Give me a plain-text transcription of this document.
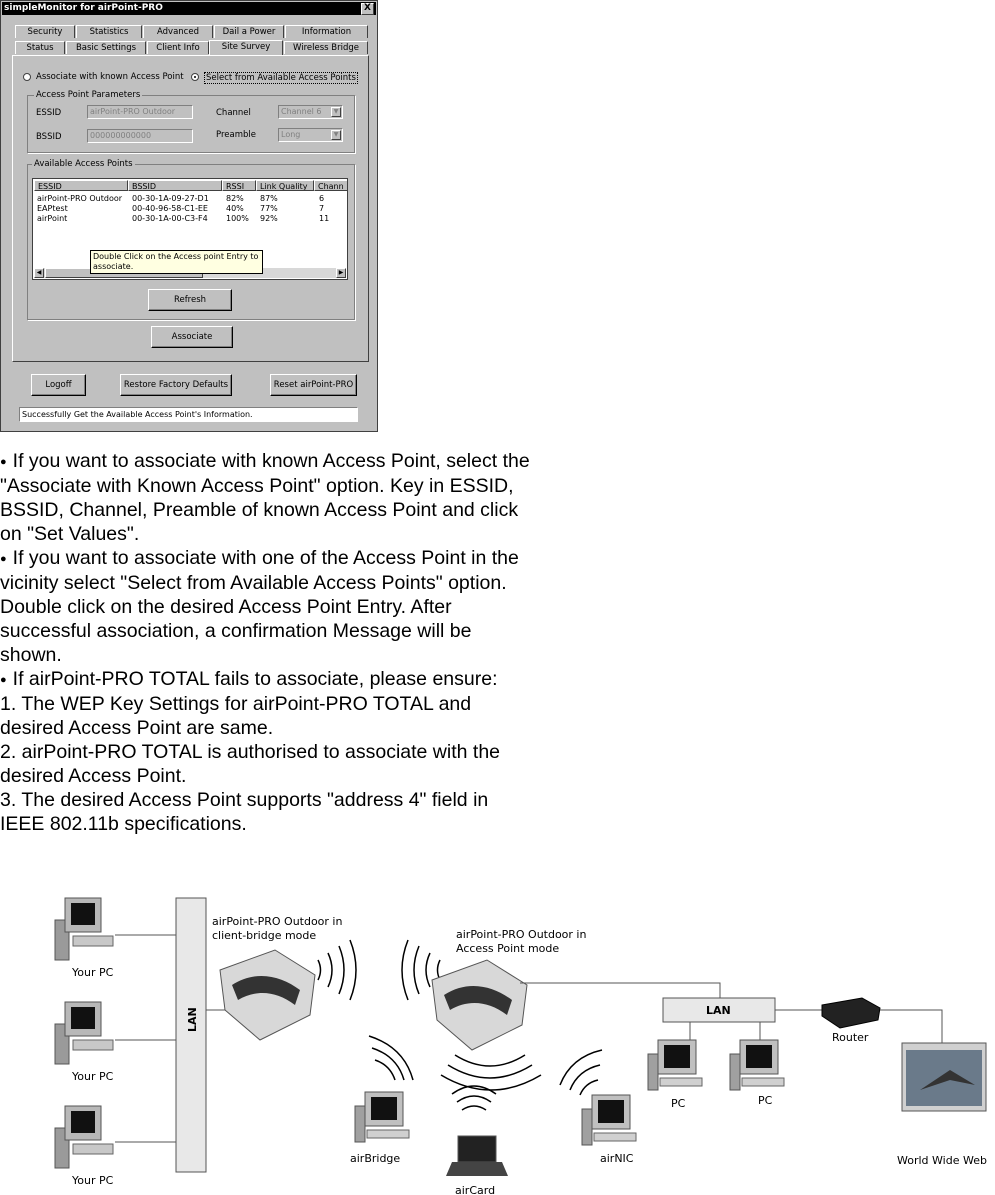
simpleMonitor for airPoint-PRO	X
Security	Statistics	Advanced	Dail a Power	Information
Status	Basic Settings	Client Info	Site Survey	Wireless Bridge
Associate with known Access Point	Select from Available Access Points
Access Point Parameters
ESSID	airPoint-PRO Outdoor	Channel	Channel 6	▼
BSSID	000000000000	Preamble	Long	▼
Available Access Points
ESSID	BSSID	RSSI	Link Quality	Chann
airPoint-PRO Outdoor	00-30-1A-09-27-D1 82% 87%	6
EAPtest	00-40-96-58-C1-EE 40% 77%	7
airPoint	00-30-1A-00-C3-F4 100% 92%	11
◀	▶
Double Click on the Access point Entry to associate.
Refresh
Associate
Logoff	Restore Factory Defaults	Reset airPoint-PRO
Successfully Get the Available Access Point's Information.

● If you want to associate with known Access Point, select the "Associate with Known Access Point" option. Key in ESSID, BSSID, Channel, Preamble of known Access Point and click on "Set Values".

● If you want to associate with one of the Access Point in the vicinity select "Select from Available Access Points" option. Double click on the desired Access Point Entry. After successful association, a confirmation Message will be shown.

● If airPoint-PRO TOTAL fails to associate, please ensure:

1. The WEP Key Settings for airPoint-PRO TOTAL and desired Access Point are same.

2. airPoint-PRO TOTAL is authorised to associate with the desired Access Point.

3. The desired Access Point supports "address 4" field in IEEE 802.11b specifications.

Your PC
Your PC
Your PC
LAN
airPoint-PRO Outdoor in
client-bridge mode	airPoint-PRO Outdoor in
Access Point mode
LAN
Router
World Wide Web
PC	PC
airBridge
airCard
airNIC
